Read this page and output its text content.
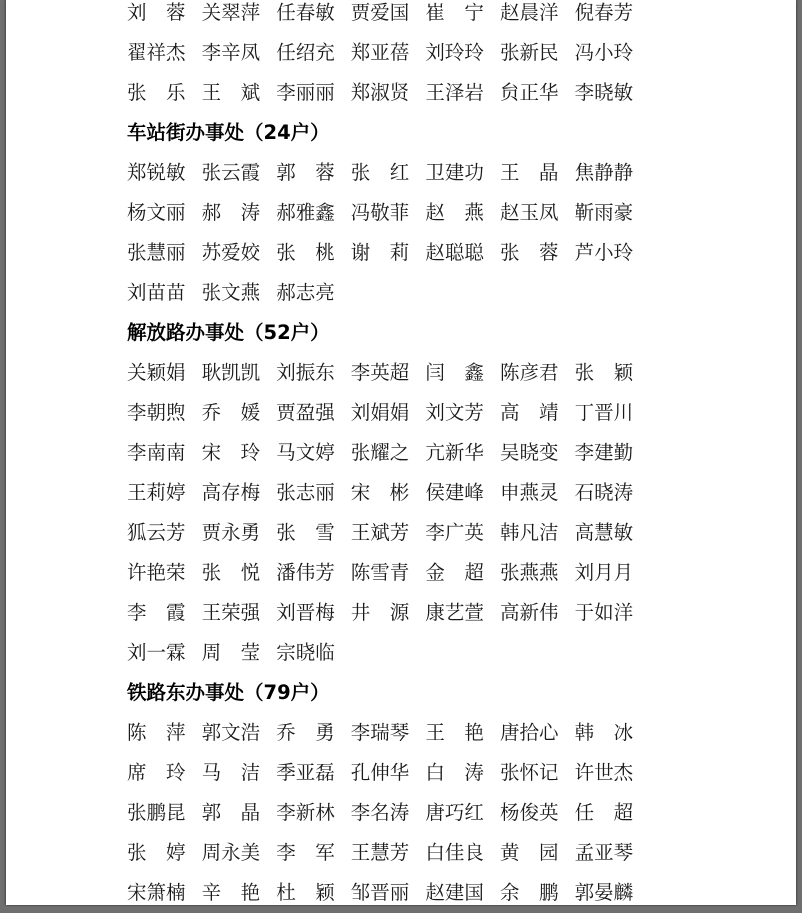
刘　蓉 关翠萍 任春敏 贾爱国 崔　宁 赵晨洋 倪春芳
翟祥杰 李辛凤 任绍充 郑亚蓓 刘玲玲 张新民 冯小玲
张　乐 王　斌 李丽丽 郑淑贤 王泽岩 贠正华 李晓敏
车站街办事处（24户）
郑锐敏 张云霞 郭　蓉 张　红 卫建功 王　晶 焦静静
杨文丽 郝　涛 郝雅鑫 冯敬菲 赵　燕 赵玉凤 靳雨豪
张慧丽 苏爱姣 张　桃 谢　莉 赵聪聪 张　蓉 芦小玲
刘苗苗 张文燕 郝志亮
解放路办事处（52户）
关颖娟 耿凯凯 刘振东 李英超 闫　鑫 陈彦君 张　颖
李朝煦 乔　媛 贾盈强 刘娟娟 刘文芳 高　靖 丁晋川
李南南 宋　玲 马文婷 张耀之 亢新华 吴晓变 李建勤
王莉婷 高存梅 张志丽 宋　彬 侯建峰 申燕灵 石晓涛
狐云芳 贾永勇 张　雪 王斌芳 李广英 韩凡洁 高慧敏
许艳荣 张　悦 潘伟芳 陈雪青 金　超 张燕燕 刘月月
李　霞 王荣强 刘晋梅 井　源 康艺萱 高新伟 于如洋
刘一霖 周　莹 宗晓临
铁路东办事处（79户）
陈　萍 郭文浩 乔　勇 李瑞琴 王　艳 唐拾心 韩　冰
席　玲 马　洁 季亚磊 孔伸华 白　涛 张怀记 许世杰
张鹏昆 郭　晶 李新林 李名涛 唐巧红 杨俊英 任　超
张　婷 周永美 李　军 王慧芳 白佳良 黄　园 孟亚琴
宋箫楠 辛　艳 杜　颖 邹晋丽 赵建国 余　鹏 郭晏麟
